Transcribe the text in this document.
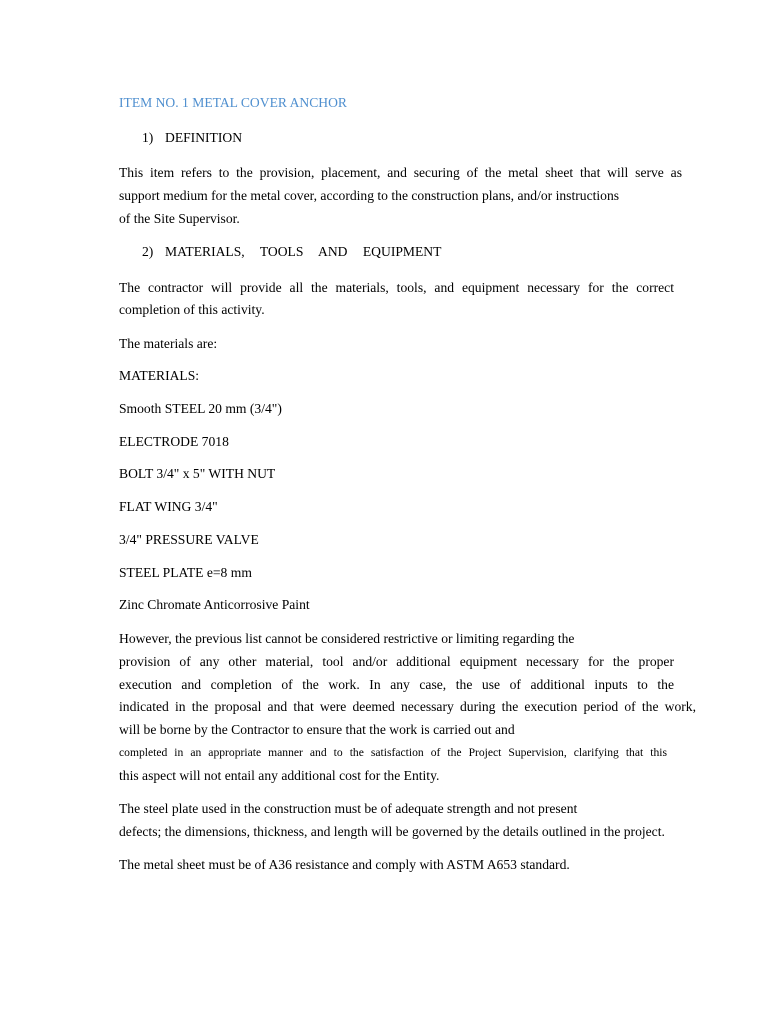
ITEM NO. 1 METAL COVER ANCHOR

1) DEFINITION

This item refers to the provision, placement, and securing of the metal sheet that will serve as

support medium for the metal cover, according to the construction plans, and/or instructions

of the Site Supervisor.

2) MATERIALS, TOOLS AND EQUIPMENT

The contractor will provide all the materials, tools, and equipment necessary for the correct

completion of this activity.

The materials are:

MATERIALS:

Smooth STEEL 20 mm (3/4")

ELECTRODE 7018

BOLT 3/4" x 5" WITH NUT

FLAT WING 3/4"

3/4" PRESSURE VALVE

STEEL PLATE e=8 mm

Zinc Chromate Anticorrosive Paint

However, the previous list cannot be considered restrictive or limiting regarding the

provision of any other material, tool and/or additional equipment necessary for the proper

execution and completion of the work. In any case, the use of additional inputs to the

indicated in the proposal and that were deemed necessary during the execution period of the work,

will be borne by the Contractor to ensure that the work is carried out and

completed in an appropriate manner and to the satisfaction of the Project Supervision, clarifying that this

this aspect will not entail any additional cost for the Entity.

The steel plate used in the construction must be of adequate strength and not present

defects; the dimensions, thickness, and length will be governed by the details outlined in the project.

The metal sheet must be of A36 resistance and comply with ASTM A653 standard.
